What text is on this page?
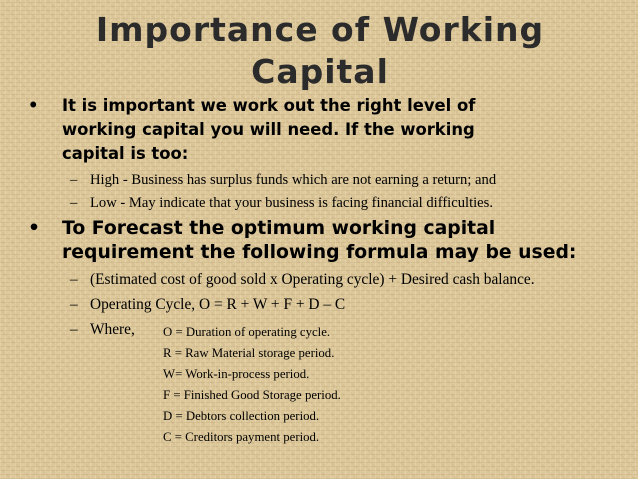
Importance of Working
Capital
• It is important we work out the right level of
working capital you will need. If the working
capital is too:
– High - Business has surplus funds which are not earning a return; and
– Low - May indicate that your business is facing financial difficulties.
• To Forecast the optimum working capital
requirement the following formula may be used:
– (Estimated cost of good sold x Operating cycle) + Desired cash balance.
– Operating Cycle, O = R + W + F + D – C
– Where, O = Duration of operating cycle.
R = Raw Material storage period.
W= Work-in-process period.
F = Finished Good Storage period.
D = Debtors collection period.
C = Creditors payment period.
